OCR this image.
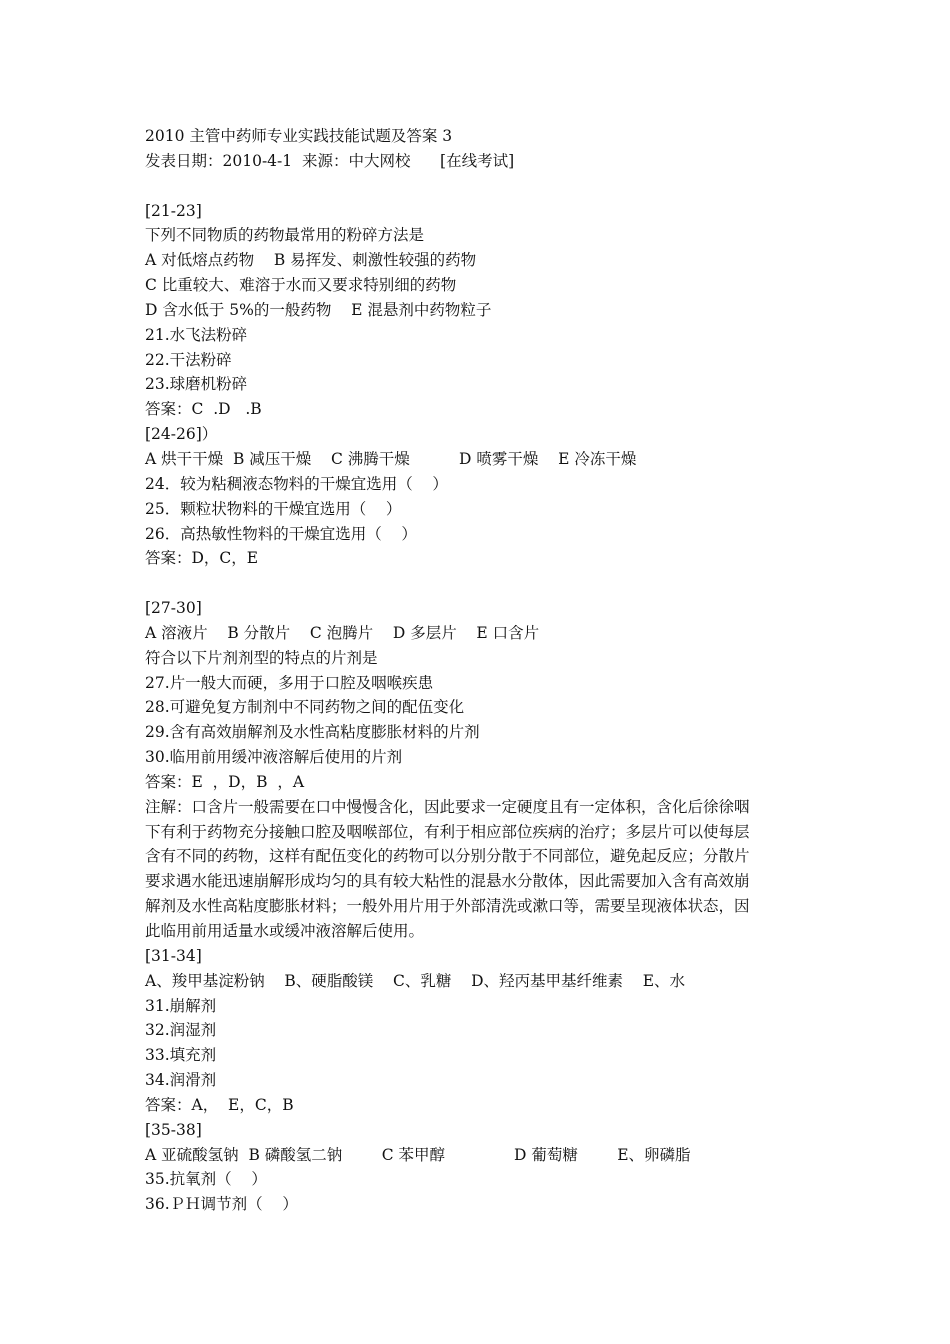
2010 主管中药师专业实践技能试题及答案 3
发表日期：2010-4-1  来源：中大网校      [在线考试]
[21-23]
下列不同物质的药物最常用的粉碎方法是
A 对低熔点药物    B 易挥发、刺激性较强的药物
C 比重较大、难溶于水而又要求特别细的药物
D 含水低于 5%的一般药物    E 混悬剂中药物粒子
21.水飞法粉碎
22.干法粉碎
23.球磨机粉碎
答案：C  .D   .B
[24-26]）
A 烘干干燥  B 减压干燥    C 沸腾干燥          D 喷雾干燥    E 冷冻干燥
24．较为粘稠液态物料的干燥宜选用（    ）
25．颗粒状物料的干燥宜选用（    ）
26．高热敏性物料的干燥宜选用（    ）
答案：D，C，E
[27-30]
A 溶液片    B 分散片    C 泡腾片    D 多层片    E 口含片
符合以下片剂剂型的特点的片剂是
27.片一般大而硬，多用于口腔及咽喉疾患
28.可避免复方制剂中不同药物之间的配伍变化
29.含有高效崩解剂及水性高粘度膨胀材料的片剂
30.临用前用缓冲液溶解后使用的片剂
答案：E  ，D，B  ，A
注解：口含片一般需要在口中慢慢含化，因此要求一定硬度且有一定体积，含化后徐徐咽
下有利于药物充分接触口腔及咽喉部位，有利于相应部位疾病的治疗；多层片可以使每层
含有不同的药物，这样有配伍变化的药物可以分别分散于不同部位，避免起反应；分散片
要求遇水能迅速崩解形成均匀的具有较大粘性的混悬水分散体，因此需要加入含有高效崩
解剂及水性高粘度膨胀材料；一般外用片用于外部清洗或漱口等，需要呈现液体状态，因
此临用前用适量水或缓冲液溶解后使用。
[31-34]
A、羧甲基淀粉钠    B、硬脂酸镁    C、乳糖    D、羟丙基甲基纤维素    E、水
31.崩解剂
32.润湿剂
33.填充剂
34.润滑剂
答案：A，  E，C，B
[35-38]
A 亚硫酸氢钠  B 磷酸氢二钠        C 苯甲醇              D 葡萄糖        E、卵磷脂
35.抗氧剂（    ）
36.ＰＨ调节剂（    ）
